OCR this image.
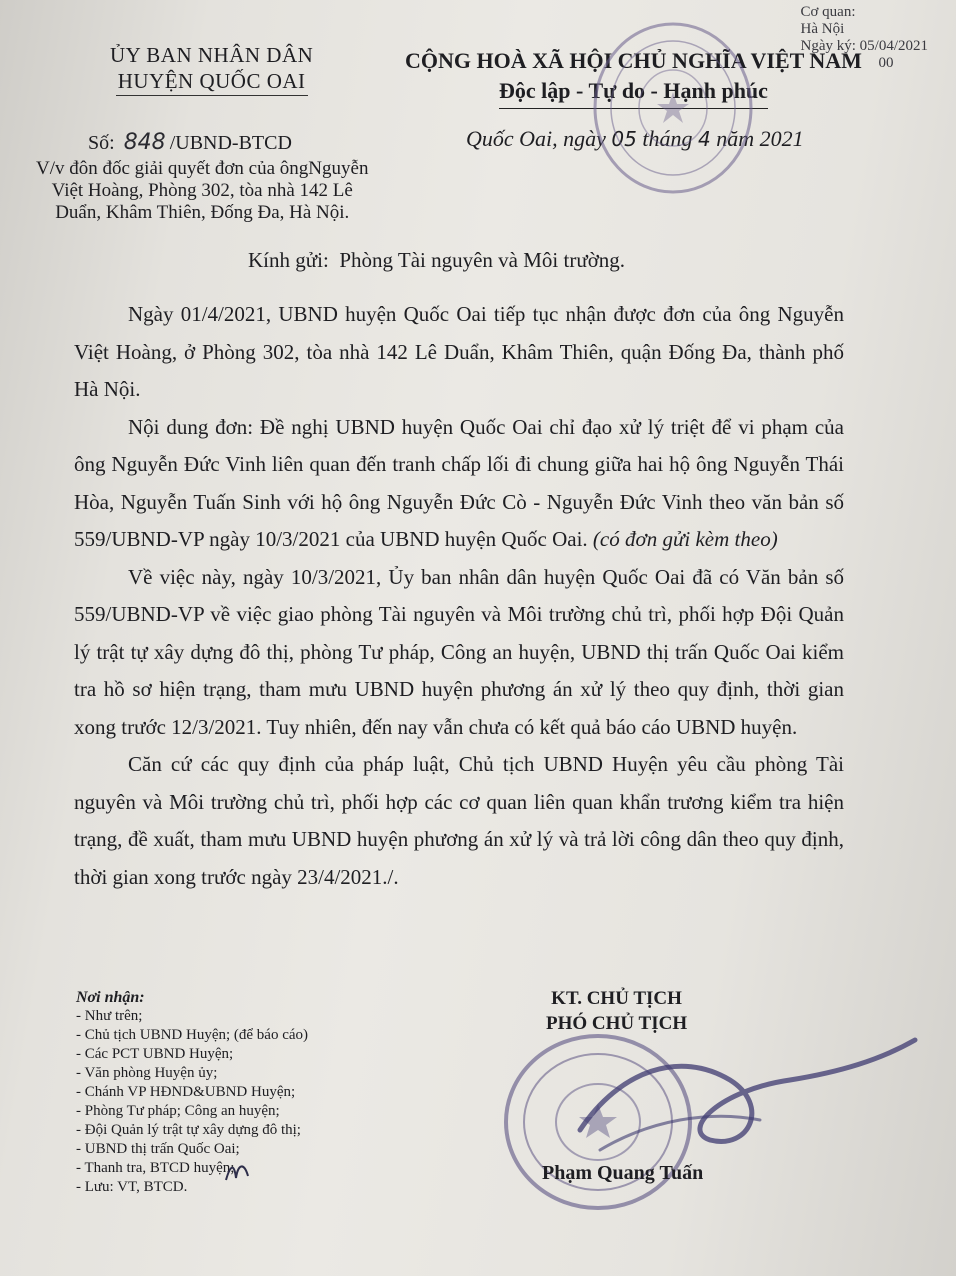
Cơ quan:
Hà Nội
Ngày ký: 05/04/2021
00
ỦY BAN NHÂN DÂN
HUYỆN QUỐC OAI
CỘNG HOÀ XÃ HỘI CHỦ NGHĨA VIỆT NAM
Độc lập - Tự do - Hạnh phúc
Số: 848 /UBND-BTCD
V/v đôn đốc giải quyết đơn của ôngNguyễn
Việt Hoàng, Phòng 302, tòa nhà 142 Lê
Duẩn, Khâm Thiên, Đống Đa, Hà Nội.
Quốc Oai, ngày 05 tháng 4 năm 2021
Kính gửi: Phòng Tài nguyên và Môi trường.

Ngày 01/4/2021, UBND huyện Quốc Oai tiếp tục nhận được đơn của ông Nguyễn Việt Hoàng, ở Phòng 302, tòa nhà 142 Lê Duẩn, Khâm Thiên, quận Đống Đa, thành phố Hà Nội.

Nội dung đơn: Đề nghị UBND huyện Quốc Oai chỉ đạo xử lý triệt để vi phạm của ông Nguyễn Đức Vinh liên quan đến tranh chấp lối đi chung giữa hai hộ ông Nguyễn Thái Hòa, Nguyễn Tuấn Sinh với hộ ông Nguyễn Đức Cò - Nguyễn Đức Vinh theo văn bản số 559/UBND-VP ngày 10/3/2021 của UBND huyện Quốc Oai. (có đơn gửi kèm theo)

Về việc này, ngày 10/3/2021, Ủy ban nhân dân huyện Quốc Oai đã có Văn bản số 559/UBND-VP về việc giao phòng Tài nguyên và Môi trường chủ trì, phối hợp Đội Quản lý trật tự xây dựng đô thị, phòng Tư pháp, Công an huyện, UBND thị trấn Quốc Oai kiểm tra hồ sơ hiện trạng, tham mưu UBND huyện phương án xử lý theo quy định, thời gian xong trước 12/3/2021. Tuy nhiên, đến nay vẫn chưa có kết quả báo cáo UBND huyện.

Căn cứ các quy định của pháp luật, Chủ tịch UBND Huyện yêu cầu phòng Tài nguyên và Môi trường chủ trì, phối hợp các cơ quan liên quan khẩn trương kiểm tra hiện trạng, đề xuất, tham mưu UBND huyện phương án xử lý và trả lời công dân theo quy định, thời gian xong trước ngày 23/4/2021./.

Nơi nhận:
- Như trên;
- Chủ tịch UBND Huyện; (để báo cáo)
- Các PCT UBND Huyện;
- Văn phòng Huyện ủy;
- Chánh VP HĐND&UBND Huyện;
- Phòng Tư pháp; Công an huyện;
- Đội Quản lý trật tự xây dựng đô thị;
- UBND thị trấn Quốc Oai;
- Thanh tra, BTCD huyện;
- Lưu: VT, BTCD.
KT. CHỦ TỊCH
PHÓ CHỦ TỊCH
Phạm Quang Tuấn
